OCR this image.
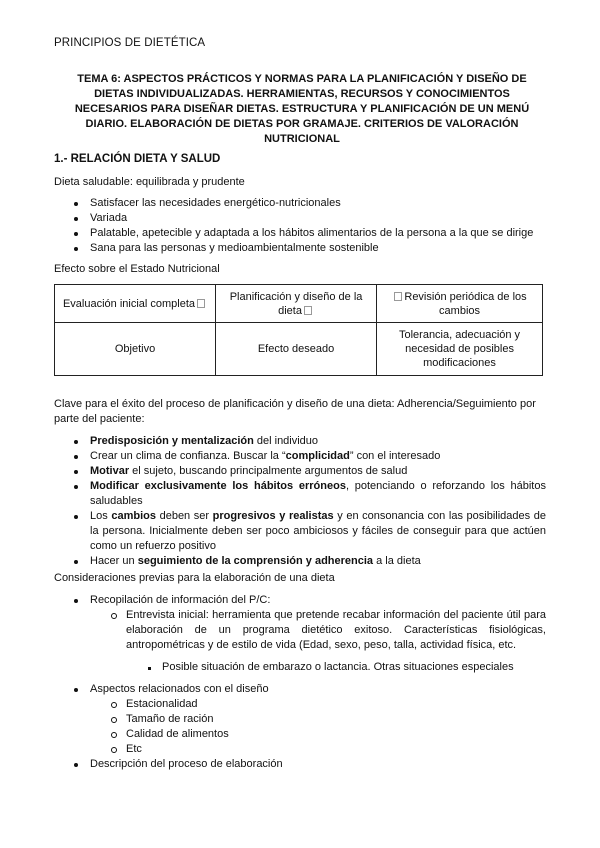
PRINCIPIOS DE DIETÉTICA
TEMA 6: ASPECTOS PRÁCTICOS Y NORMAS PARA LA PLANIFICACIÓN Y DISEÑO DE DIETAS INDIVIDUALIZADAS. HERRAMIENTAS, RECURSOS Y CONOCIMIENTOS NECESARIOS PARA DISEÑAR DIETAS. ESTRUCTURA Y PLANIFICACIÓN DE UN MENÚ DIARIO. ELABORACIÓN DE DIETAS POR GRAMAJE. CRITERIOS DE VALORACIÓN NUTRICIONAL
1.- RELACIÓN DIETA Y SALUD

Dieta saludable: equilibrada y prudente

Satisfacer las necesidades energético-nutricionales
Variada
Palatable, apetecible y adaptada a los hábitos alimentarios de la persona a la que se dirige
Sana para las personas y medioambientalmente sostenible

Efecto sobre el Estado Nutricional

Evaluación inicial completa	Planificación y diseño de la dieta	Revisión periódica de los cambios
Objetivo	Efecto deseado	Tolerancia, adecuación y necesidad de posibles modificaciones

Clave para el éxito del proceso de planificación y diseño de una dieta: Adherencia/Seguimiento por parte del paciente:

Predisposición y mentalización del individuo
Crear un clima de confianza. Buscar la “complicidad” con el interesado
Motivar el sujeto, buscando principalmente argumentos de salud
Modificar exclusivamente los hábitos erróneos, potenciando o reforzando los hábitos saludables
Los cambios deben ser progresivos y realistas y en consonancia con las posibilidades de la persona. Inicialmente deben ser poco ambiciosos y fáciles de conseguir para que actúen como un refuerzo positivo
Hacer un seguimiento de la comprensión y adherencia a la dieta

Consideraciones previas para la elaboración de una dieta

Recopilación de información del P/C:
Entrevista inicial: herramienta que pretende recabar información del paciente útil para elaboración de un programa dietético exitoso. Características fisiológicas, antropométricas y de estilo de vida (Edad, sexo, peso, talla, actividad física, etc.
Posible situación de embarazo o lactancia. Otras situaciones especiales
Aspectos relacionados con el diseño
Estacionalidad
Tamaño de ración
Calidad de alimentos
Etc
Descripción del proceso de elaboración
